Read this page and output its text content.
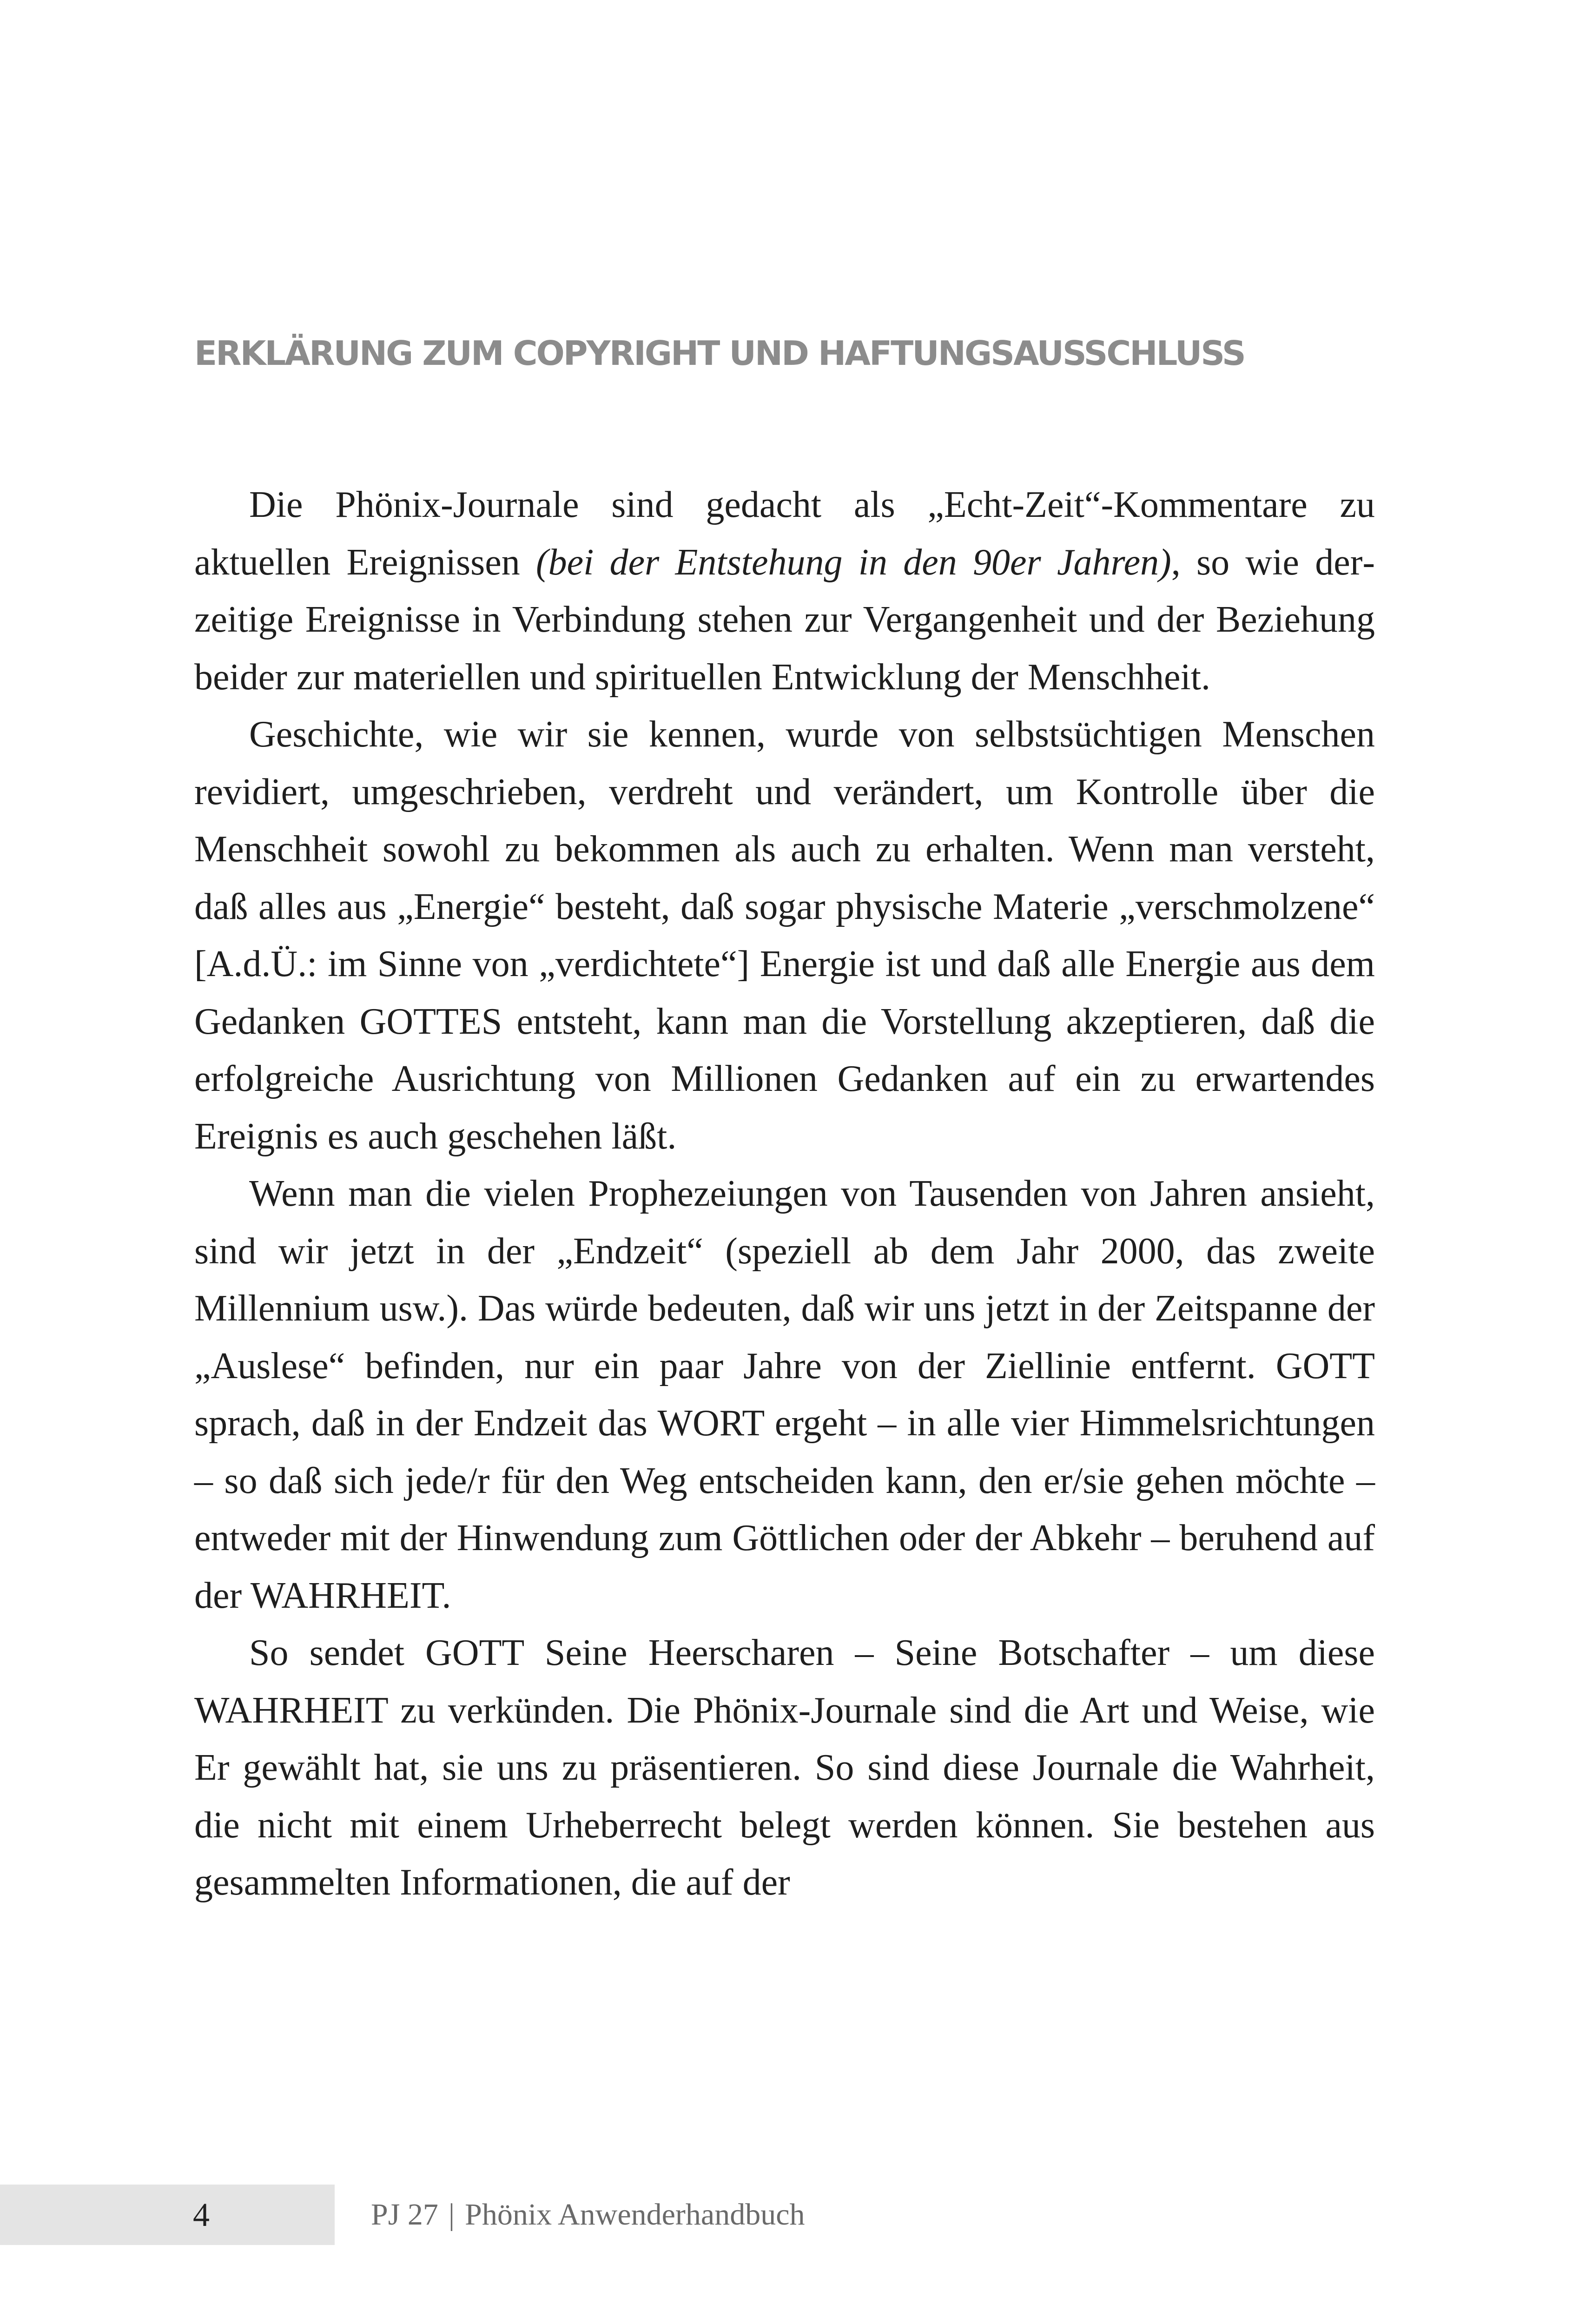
ERKLÄRUNG ZUM COPYRIGHT UND HAFTUNGSAUSSCHLUSS

Die Phönix-Journale sind gedacht als „Echt-Zeit“-Kommentare zu aktuellen Ereignissen (bei der Entstehung in den 90er Jahren), so wie derzeitige Ereignisse in Verbindung stehen zur Vergangenheit und der Beziehung beider zur materiellen und spirituellen Entwicklung der Menschheit.

Geschichte, wie wir sie kennen, wurde von selbstsüchtigen Menschen revidiert, umgeschrieben, verdreht und verändert, um Kontrolle über die Menschheit sowohl zu bekommen als auch zu erhalten. Wenn man versteht, daß alles aus „Energie“ besteht, daß sogar physische Materie „verschmolzene“ [A.d.Ü.: im Sinne von „verdichtete“] Energie ist und daß alle Energie aus dem Gedanken GOTTES entsteht, kann man die Vorstellung akzeptieren, daß die erfolgreiche Ausrichtung von Millionen Gedanken auf ein zu erwartendes Ereignis es auch geschehen läßt.

Wenn man die vielen Prophezeiungen von Tausenden von Jahren ansieht, sind wir jetzt in der „Endzeit“ (speziell ab dem Jahr 2000, das zweite Millennium usw.). Das würde bedeuten, daß wir uns jetzt in der Zeitspanne der „Auslese“ befinden, nur ein paar Jahre von der Ziellinie entfernt. GOTT sprach, daß in der Endzeit das WORT ergeht – in alle vier Himmelsrichtungen – so daß sich jede/r für den Weg entscheiden kann, den er/sie gehen möchte – entweder mit der Hinwendung zum Göttlichen oder der Abkehr – beruhend auf der WAHRHEIT.

So sendet GOTT Seine Heerscharen – Seine Botschafter – um diese WAHRHEIT zu verkünden. Die Phönix-Journale sind die Art und Weise, wie Er gewählt hat, sie uns zu präsentieren. So sind diese Journale die Wahrheit, die nicht mit einem Urheberrecht belegt werden können. Sie bestehen aus gesammelten Informationen, die auf der

4	PJ 27 | Phönix Anwenderhandbuch
